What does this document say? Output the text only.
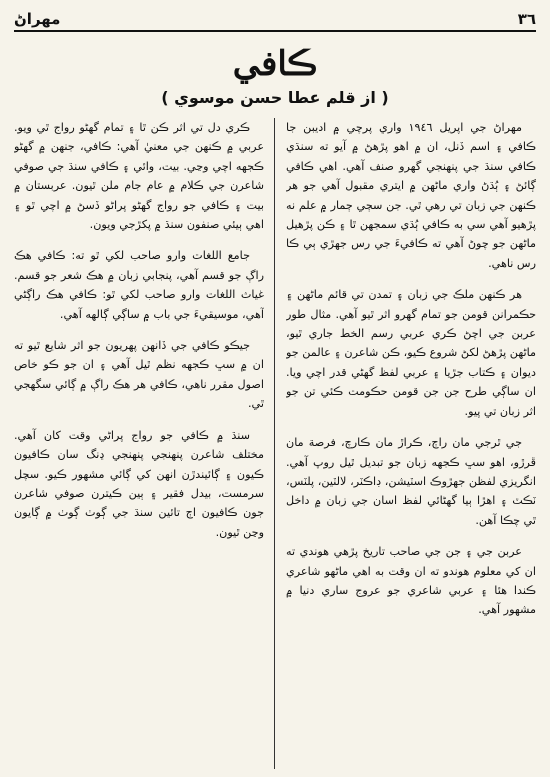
٣٦
مهراڻ
ڪافي
( از قلم عطا حسن موسوي )

مهراڻ جي اپريل ١٩٤٦ واري پرچي ۾ اديبن جا ڪافي ۽ اسم ڏنل، ان ۾ اهو پڙهڻ ۾ آيو ته سنڌي ڪافي سنڌ جي پنهنجي گهرو صنف آهي. اهي ڪافي ڳائڻ ۽ ٻُڌڻ واري ماڻهن ۾ ايتري مقبول آهي جو هر ڪنهن جي زبان تي رهي ٿي. جن سڄي ڄمار ۾ علم نه پڙهيو آهي سي به ڪافي ٻُڌي سمجهن ٿا ۽ ڪن پڙهيل ماڻهن جو چوڻ آهي ته ڪافيءَ جي رس جهڙي ٻي ڪا رس ناهي.

هر ڪنهن ملڪ جي زبان ۽ تمدن تي قائم ماڻهن ۽ حڪمرانن قومن جو تمام گهرو اثر ٿيو آهي. مثال طور عربن جي اچڻ ڪري عربي رسم الخط جاري ٿيو، ماڻهن پڙهڻ لکڻ شروع ڪيو، ڪن شاعرن ۽ عالمن جو ديوان ۽ ڪتاب جڙيا ۽ عربي لفظ گهڻي قدر اچي ويا. ان ساڳي طرح جن جن قومن حڪومت ڪئي تن جو اثر زبان تي پيو.

جي ٿرجي مان راڄ، ڪراڙ مان ڪارچ، فرصة مان ڦرڙو، اهو سڀ ڪجهه زبان جو تبديل ٿيل روپ آهي. انگريزي لفظن جهڙوڪ اسٽيشن، ڊاڪٽر، لالٽين، پلٽس، ٽڪٽ ۽ اهڙا ٻيا گهڻائي لفظ اسان جي زبان ۾ داخل ٿي چڪا آهن.

عربن جي ۽ جن جي صاحب تاريخ پڙهي هوندي ته ان کي معلوم هوندو ته ان وقت به اهي ماڻهو شاعري ڪندا هئا ۽ عربي شاعري جو عروج ساري دنيا ۾ مشهور آهي.

ڪري دل تي اثر ڪن ٿا ۽ تمام گهڻو رواج ٿي ويو. عربي ۾ ڪنهن جي معنيٰ آهي: ڪافي، جنهن ۾ گهڻو ڪجهه اچي وڃي. بيت، وائي ۽ ڪافي سنڌ جي صوفي شاعرن جي ڪلام ۾ عام جام ملن ٿيون. عربستان ۾ بيت ۽ ڪافي جو رواج گهڻو پراڻو ڏسڻ ۾ اچي ٿو ۽ اهي ٻيئي صنفون سنڌ ۾ پکڙجي ويون.

جامع اللغات وارو صاحب لکي ٿو ته: ڪافي هڪ راڳ جو قسم آهي، پنجابي زبان ۾ هڪ شعر جو قسم. غياث اللغات وارو صاحب لکي ٿو: ڪافي هڪ راڳڻي آهي، موسيقيءَ جي باب ۾ ساڳي ڳالهه آهي.

جيڪو ڪافي جي ڏانهن پهريون جو اثر شايع ٿيو ته ان ۾ سڀ ڪجهه نظم ٿيل آهي ۽ ان جو ڪو خاص اصول مقرر ناهي، ڪافي هر هڪ راڳ ۾ ڳائي سگهجي ٿي.

سنڌ ۾ ڪافي جو رواج پراڻي وقت کان آهي. مختلف شاعرن پنهنجي پنهنجي ڍنگ سان ڪافيون ڪيون ۽ ڳائيندڙن انهن کي ڳائي مشهور ڪيو. سچل سرمست، بيدل فقير ۽ ٻين ڪيترن صوفي شاعرن جون ڪافيون اڄ تائين سنڌ جي ڳوٺ ڳوٺ ۾ ڳايون وڃن ٿيون.
